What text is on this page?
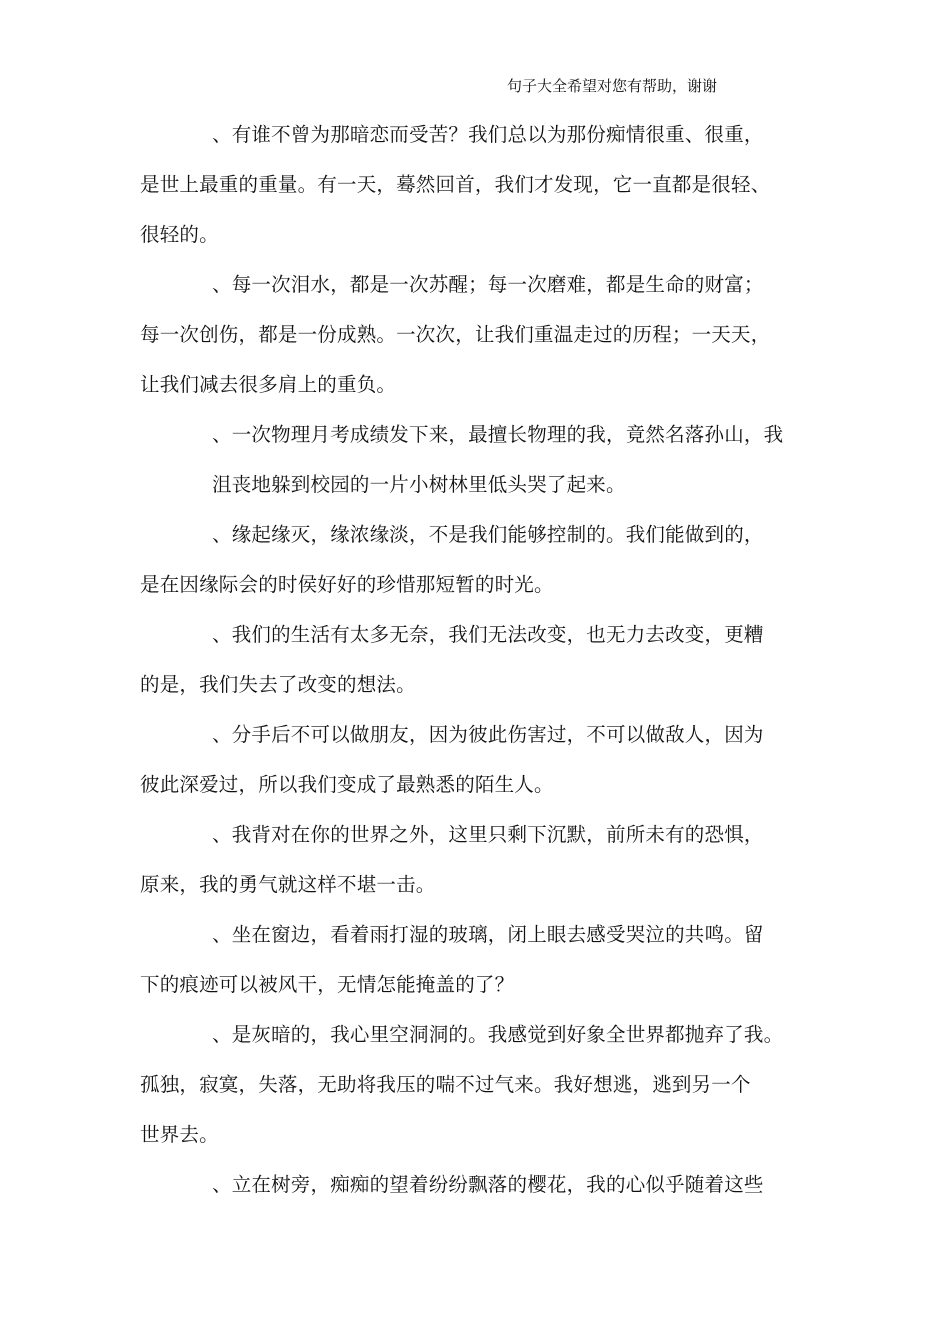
句子大全希望对您有帮助，谢谢
、有谁不曾为那暗恋而受苦？我们总以为那份痴情很重、很重，
是世上最重的重量。有一天，蓦然回首，我们才发现，它一直都是很轻、
很轻的。
、每一次泪水，都是一次苏醒；每一次磨难，都是生命的财富；
每一次创伤，都是一份成熟。一次次，让我们重温走过的历程；一天天，
让我们减去很多肩上的重负。
、一次物理月考成绩发下来，最擅长物理的我，竟然名落孙山，我
沮丧地躲到校园的一片小树林里低头哭了起来。
、缘起缘灭，缘浓缘淡，不是我们能够控制的。我们能做到的，
是在因缘际会的时侯好好的珍惜那短暂的时光。
、我们的生活有太多无奈，我们无法改变，也无力去改变，更糟
的是，我们失去了改变的想法。
、分手后不可以做朋友，因为彼此伤害过，不可以做敌人，因为
彼此深爱过，所以我们变成了最熟悉的陌生人。
、我背对在你的世界之外，这里只剩下沉默，前所未有的恐惧，
原来，我的勇气就这样不堪一击。
、坐在窗边，看着雨打湿的玻璃，闭上眼去感受哭泣的共鸣。留
下的痕迹可以被风干，无情怎能掩盖的了？
、是灰暗的，我心里空洞洞的。我感觉到好象全世界都抛弃了我。
孤独，寂寞，失落，无助将我压的喘不过气来。我好想逃，逃到另一个
世界去。
、立在树旁，痴痴的望着纷纷飘落的樱花，我的心似乎随着这些
